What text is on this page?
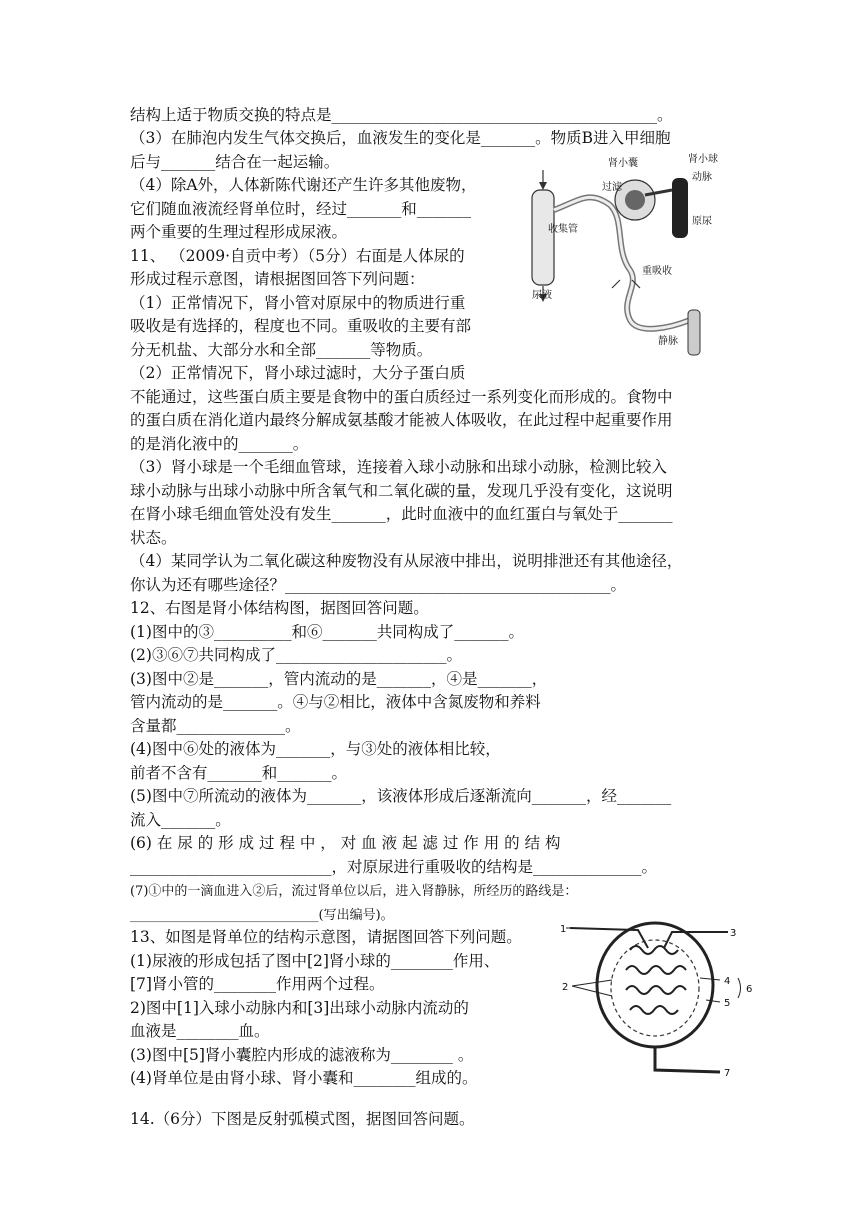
结构上适于物质交换的特点是__________________________________________。
（3）在肺泡内发生气体交换后，血液发生的变化是_______。物质B进入甲细胞
后与_______结合在一起运输。
（4）除A外，人体新陈代谢还产生许多其他废物，
它们随血液流经肾单位时，经过_______和_______
两个重要的生理过程形成尿液。
11、 （2009·自贡中考）（5分）右面是人体尿的
形成过程示意图，请根据图回答下列问题：
（1）正常情况下，肾小管对原尿中的物质进行重
吸收是有选择的，程度也不同。重吸收的主要有部
分无机盐、大部分水和全部_______等物质。
（2）正常情况下，肾小球过滤时，大分子蛋白质
不能通过，这些蛋白质主要是食物中的蛋白质经过一系列变化而形成的。食物中
的蛋白质在消化道内最终分解成氨基酸才能被人体吸收，在此过程中起重要作用
的是消化液中的_______。
（3）肾小球是一个毛细血管球，连接着入球小动脉和出球小动脉，检测比较入
球小动脉与出球小动脉中所含氧气和二氧化碳的量，发现几乎没有变化，这说明
在肾小球毛细血管处没有发生_______，此时血液中的血红蛋白与氧处于_______
状态。
（4）某同学认为二氧化碳这种废物没有从尿液中排出，说明排泄还有其他途径，
你认为还有哪些途径？__________________________________________。
12、右图是肾小体结构图，据图回答问题。
(1)图中的③__________和⑥_______共同构成了_______。
(2)③⑥⑦共同构成了______________________。
(3)图中②是_______，管内流动的是_______，④是_______，
管内流动的是_______。④与②相比，液体中含氮废物和养料
含量都______________。
(4)图中⑥处的液体为_______，与③处的液体相比较，
前者不含有_______和_______。
(5)图中⑦所流动的液体为_______，该液体形成后逐渐流向_______，经_______
流入_______。
(6) 在 尿 的 形 成 过 程 中 ， 对 血 液 起 滤 过 作 用 的 结 构
__________________________，对原尿进行重吸收的结构是______________。
(7)①中的一滴血进入②后，流过肾单位以后，进入肾静脉，所经历的路线是：
_____________________________(写出编号)。
13、如图是肾单位的结构示意图，请据图回答下列问题。
(1)尿液的形成包括了图中[2]肾小球的________作用、
[7]肾小管的________作用两个过程。
2)图中[1]入球小动脉内和[3]出球小动脉内流动的
血液是________血。
(3)图中[5]肾小囊腔内形成的滤液称为________ 。
(4)肾单位是由肾小球、肾小囊和________组成的。
14.（6分）下图是反射弧模式图，据图回答问题。
肾小囊	肾小球
过滤
动脉
收集管
原尿
重吸收
尿液
静脉
1
2
3
4
5
6
7
